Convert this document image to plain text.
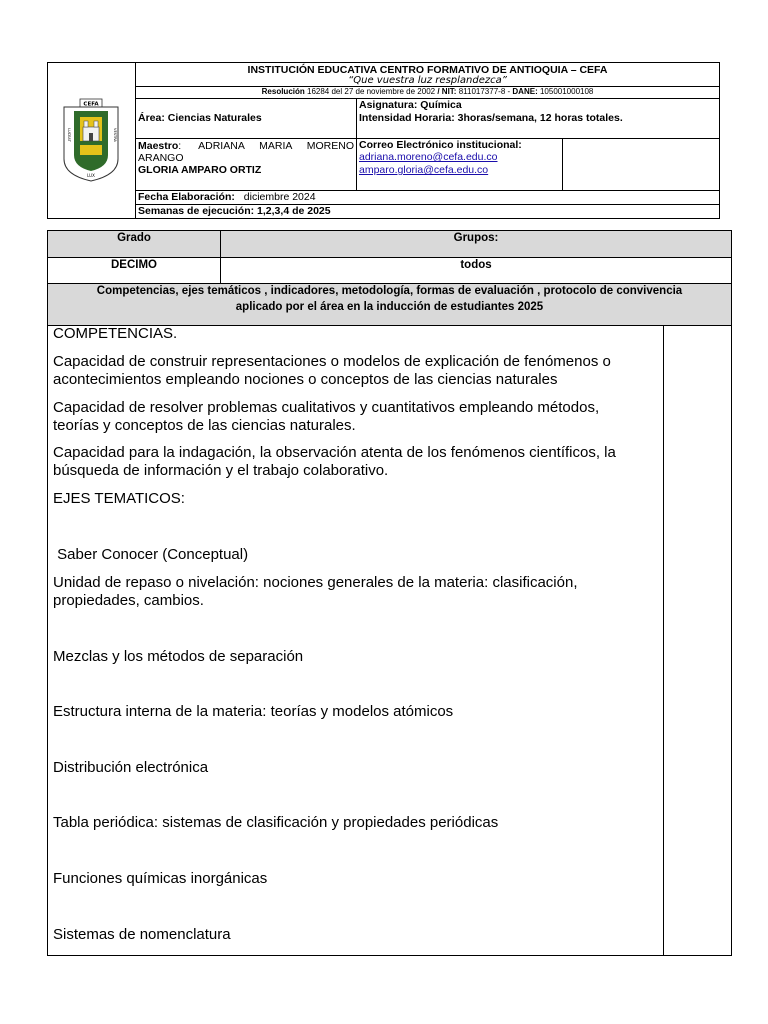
CEFA
LUCEAT	VESTRA
LUX
INSTITUCIÓN EDUCATIVA CENTRO FORMATIVO DE ANTIOQUIA – CEFA
“Que vuestra luz resplandezca”
Resolución 16284 del 27 de noviembre de 2002 / NIT: 811017377-8 - DANE: 105001000108
Área: Ciencias Naturales
Asignatura: Química
Intensidad Horaria: 3horas/semana, 12 horas totales.
Maestro: ADRIANA MARIA MORENO
ARANGO
GLORIA AMPARO ORTIZ
Correo Electrónico institucional:
adriana.moreno@cefa.edu.co
amparo.gloria@cefa.edu.co
Fecha Elaboración: diciembre 2024
Semanas de ejecución: 1,2,3,4 de 2025
Grado	Grupos:
DECIMO	todos
Competencias, ejes temáticos , indicadores, metodología, formas de evaluación , protocolo de convivencia
aplicado por el área en la inducción de estudiantes 2025
COMPETENCIAS.
Capacidad de construir representaciones o modelos de explicación de fenómenos o
acontecimientos empleando nociones o conceptos de las ciencias naturales
Capacidad de resolver problemas cualitativos y cuantitativos empleando métodos,
teorías y conceptos de las ciencias naturales.
Capacidad para la indagación, la observación atenta de los fenómenos científicos, la
búsqueda de información y el trabajo colaborativo.
EJES TEMATICOS:
Saber Conocer (Conceptual)
Unidad de repaso o nivelación: nociones generales de la materia: clasificación,
propiedades, cambios.
Mezclas y los métodos de separación
Estructura interna de la materia: teorías y modelos atómicos
Distribución electrónica
Tabla periódica: sistemas de clasificación y propiedades periódicas
Funciones químicas inorgánicas
Sistemas de nomenclatura
